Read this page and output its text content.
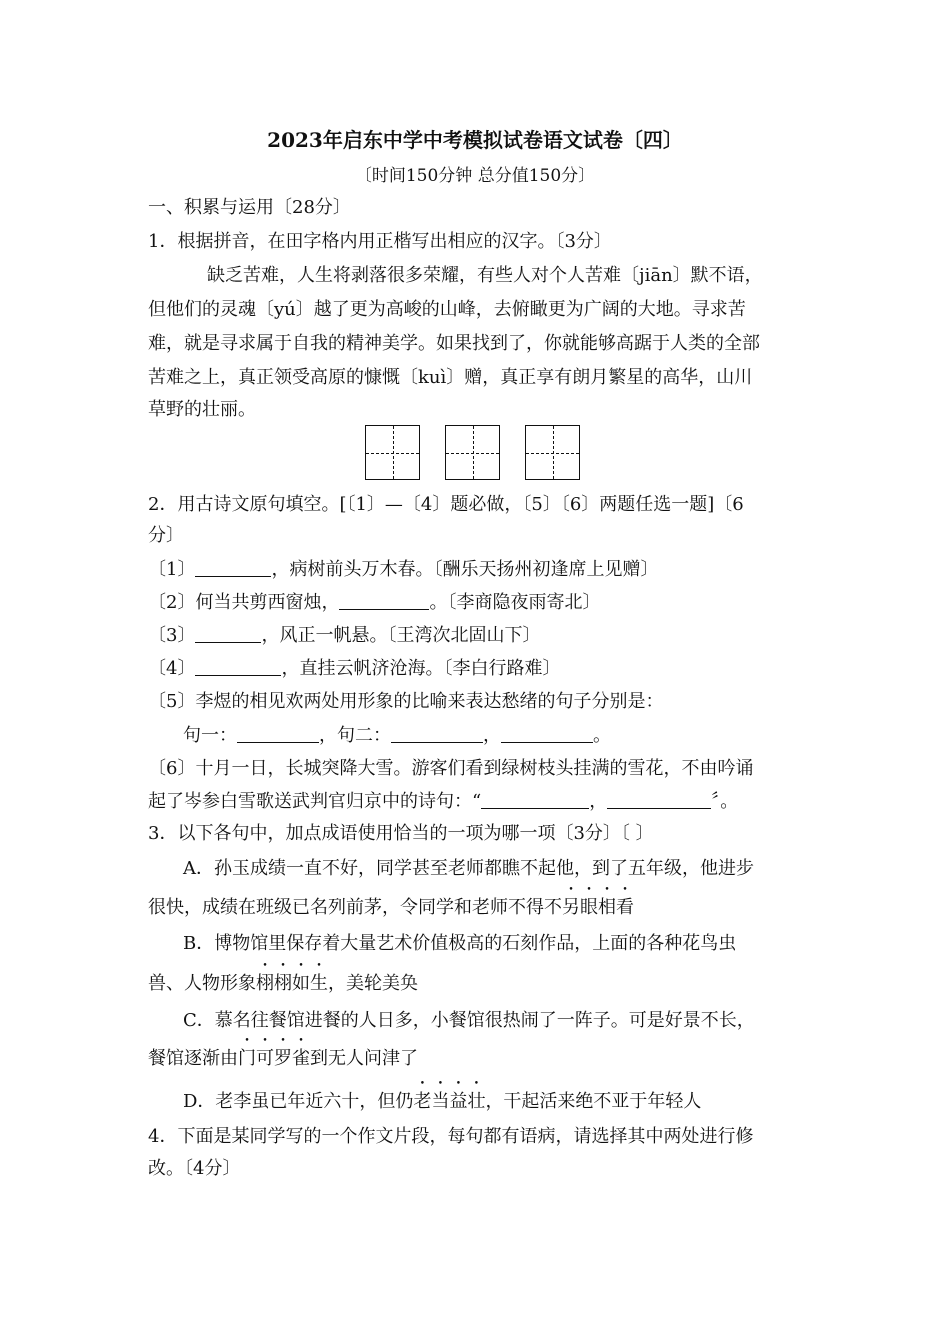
2023年启东中学中考模拟试卷语文试卷〔四〕
〔时间150分钟 总分值150分〕
一、积累与运用〔28分〕
1．根据拼音，在田字格内用正楷写出相应的汉字。〔3分〕
缺乏苦难，人生将剥落很多荣耀，有些人对个人苦难〔jiān〕默不语，
但他们的灵魂〔yú〕越了更为高峻的山峰，去俯瞰更为广阔的大地。寻求苦
难，就是寻求属于自我的精神美学。如果找到了，你就能够高踞于人类的全部
苦难之上，真正领受高原的慷慨〔kuì〕赠，真正享有朗月繁星的高华，山川
草野的壮丽。
2．用古诗文原句填空。[〔1〕—〔4〕题必做，〔5〕〔6〕两题任选一题]〔6
分〕
〔1〕	，病树前头万木春。〔酬乐天扬州初逢席上见赠〕
〔2〕何当共剪西窗烛，	。〔李商隐夜雨寄北〕
〔3〕	，风正一帆悬。〔王湾次北固山下〕
〔4〕	，直挂云帆济沧海。〔李白行路难〕
〔5〕李煜的相见欢两处用形象的比喻来表达愁绪的句子分别是：
句一：	，句二：	，	。
〔6〕十月一日，长城突降大雪。游客们看到绿树枝头挂满的雪花，不由吟诵
起了岑参白雪歌送武判官归京中的诗句：“	，	〞。
3．以下各句中，加点成语使用恰当的一项为哪一项〔3分〕〔 〕
A．孙玉成绩一直不好，同学甚至老师都瞧不起他，到了五年级，他进步
很快，成绩在班级已名列前茅，令同学和老师不得不另眼相看
B．博物馆里保存着大量艺术价值极高的石刻作品，上面的各种花鸟虫
兽、人物形象栩栩如生，美轮美奂
C．慕名往餐馆进餐的人日多，小餐馆很热闹了一阵子。可是好景不长，
餐馆逐渐由门可罗雀到无人问津了
D．老李虽已年近六十，但仍老当益壮，干起活来绝不亚于年轻人
4．下面是某同学写的一个作文片段，每句都有语病，请选择其中两处进行修
改。〔4分〕
